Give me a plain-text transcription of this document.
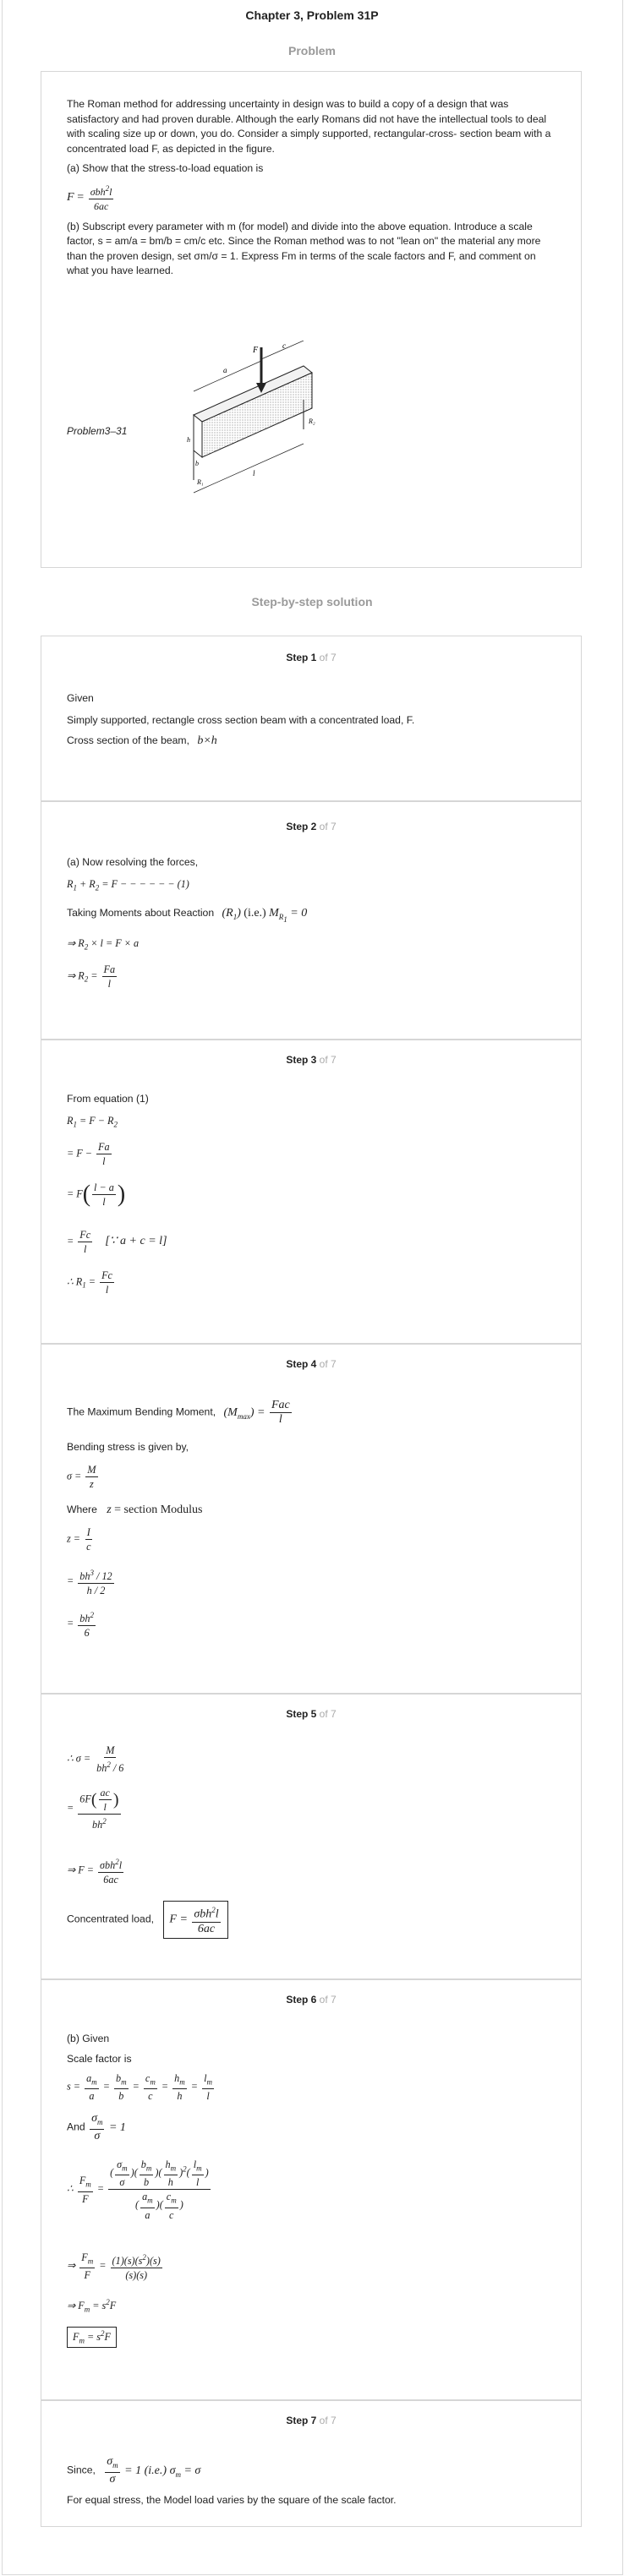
Chapter 3, Problem 31P
Problem

The Roman method for addressing uncertainty in design was to build a copy of a design that was satisfactory and had proven durable. Although the early Romans did not have the intellectual tools to deal with scaling size up or down, you do. Consider a simply supported, rectangular-cross- section beam with a concentrated load F, as depicted in the figure.

(a) Show that the stress-to-load equation is

$F = \frac{\sigma bh^2l}{6ac}$

(b) Subscript every parameter with m (for model) and divide into the above equation. Introduce a scale factor, s = am/a = bm/b = cm/c etc. Since the Roman method was to not "lean on" the material any more than the proven design, set σm/σ = 1. Express Fm in terms of the scale factors and F, and comment on what you have learned.

Problem3–31
F
a
c
l
R₂
R₁
h
b
Step-by-step solution
Step 1 of 7
Given
Simply supported, rectangle cross section beam with a concentrated load, F.
Cross section of the beam, b×h
Step 2 of 7
(a) Now resolving the forces,
$R_1 + R_2 = F$ − − − − − − (1)
Taking Moments about Reaction $(R_1)$ (i.e.) $M_{R_1} = 0$
⇒ $R_2 \times l = F \times a$
⇒ $R_2 = \frac{Fa}{l}$
Step 3 of 7
From equation (1)
$R_1 = F - R_2$
= $F - \frac{Fa}{l}$
= $F( \frac{l - a}{l}$ )
= $\frac{Fc}{l}$ [∵ a + c = l]
∴ $R_1 = \frac{Fc}{l}$
Step 4 of 7
The Maximum Bending Moment, $(M_{max}) = \frac{\text{Fac}}{l}$
Bending stress is given by,
$\sigma = \frac{M}{z}$
Where z = section Modulus
$z = \frac{I}{c}$
= $\frac{bh^3 / 12}{h / 2}$
= $\frac{bh^2}{6}$
Step 5 of 7
∴ $\sigma = \frac{M}{bh^2 / 6}$
= $\frac{6F( \frac{ac}{l} )}{bh^2}$
⇒ $F = \frac{\sigma bh^2l}{6ac}$
Concentrated load, $F = \frac{\sigma bh^2l}{6ac}$
Step 6 of 7
(b) Given
Scale factor is
$s = \frac{a_m}{a} = \frac{b_m}{b} = \frac{c_m}{c} = \frac{h_m}{h} = \frac{l_m}{l}$
And $\frac{\sigma_m}{\sigma} = 1$
∴ $\frac{F_m}{F} = \frac{( \frac{\sigma_m}{\sigma} )( \frac{b_m}{b} )( \frac{h_m}{h} )^2( \frac{l_m}{l} )}{( \frac{a_m}{a} )( \frac{c_m}{c} )}$
⇒ $\frac{F_m}{F} = \frac{(1)(s)(s^2)(s)}{(s)(s)}$
⇒ $F_m = s^2F$
$F_m = s^2F$
Step 7 of 7
Since, $\frac{\sigma_m}{\sigma} = 1$ (i.e.) $\sigma_m = \sigma$
For equal stress, the Model load varies by the square of the scale factor.
